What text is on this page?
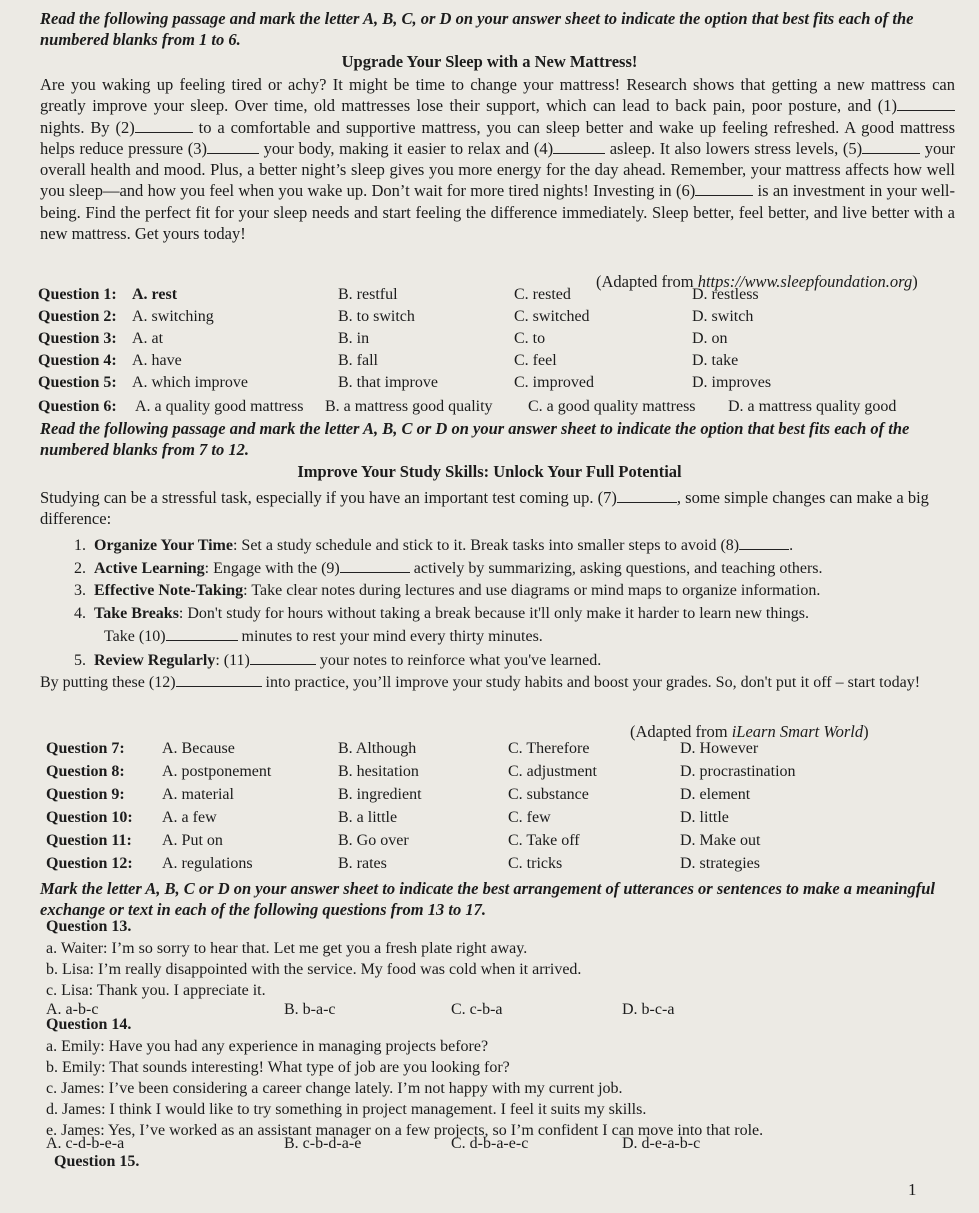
Read the following passage and mark the letter A, B, C, or D on your answer sheet to indicate the option that best fits each of the numbered blanks from 1 to 6.
Upgrade Your Sleep with a New Mattress!
Are you waking up feeling tired or achy? It might be time to change your mattress! Research shows that getting a new mattress can greatly improve your sleep. Over time, old mattresses lose their support, which can lead to back pain, poor posture, and (1) nights. By (2)	to a comfortable and supportive mattress, you can sleep better and wake up feeling refreshed. A good mattress helps reduce pressure (3)	your body, making it easier to relax and (4)	asleep. It also lowers stress levels, (5)	your overall health and mood. Plus, a better night’s sleep gives you more energy for the day ahead. Remember, your mattress affects how well you sleep—and how you feel when you wake up. Don’t wait for more tired nights! Investing in (6)	is an investment in your well-being. Find the perfect fit for your sleep needs and start feeling the difference immediately. Sleep better, feel better, and live better with a new mattress. Get yours today!
(Adapted from https://www.sleepfoundation.org)
Question 1: A. rest	B. restful	C. rested	D. restless
Question 2: A. switching	B. to switch	C. switched	D. switch
Question 3: A. at	B. in	C. to	D. on
Question 4: A. have	B. fall	C. feel	D. take
Question 5: A. which improve	B. that improve	C. improved	D. improves
Question 6: A. a quality good mattress B. a mattress good quality C. a good quality mattress D. a mattress quality good
Read the following passage and mark the letter A, B, C or D on your answer sheet to indicate the option that best fits each of the numbered blanks from 7 to 12.
Improve Your Study Skills: Unlock Your Full Potential
Studying can be a stressful task, especially if you have an important test coming up. (7)	, some simple changes can make a big difference:
1. Organize Your Time: Set a study schedule and stick to it. Break tasks into smaller steps to avoid (8)	.
2. Active Learning: Engage with the (9)	actively by summarizing, asking questions, and teaching others.
3. Effective Note-Taking: Take clear notes during lectures and use diagrams or mind maps to organize information.
4. Take Breaks: Don't study for hours without taking a break because it'll only make it harder to learn new things.
Take (10)	minutes to rest your mind every thirty minutes.
5. Review Regularly: (11)	your notes to reinforce what you've learned.
By putting these (12)	into practice, you’ll improve your study habits and boost your grades. So, don't put it off – start today!
(Adapted from iLearn Smart World)
Question 7: A. Because	B. Although	C. Therefore	D. However
Question 8: A. postponement	B. hesitation	C. adjustment	D. procrastination
Question 9: A. material	B. ingredient	C. substance	D. element
Question 10: A. a few	B. a little	C. few	D. little
Question 11: A. Put on	B. Go over	C. Take off	D. Make out
Question 12: A. regulations	B. rates	C. tricks	D. strategies
Mark the letter A, B, C or D on your answer sheet to indicate the best arrangement of utterances or sentences to make a meaningful exchange or text in each of the following questions from 13 to 17.
Question 13.
a. Waiter: I’m so sorry to hear that. Let me get you a fresh plate right away.
b. Lisa: I’m really disappointed with the service. My food was cold when it arrived.
c. Lisa: Thank you. I appreciate it.
A. a-b-c	B. b-a-c	C. c-b-a	D. b-c-a
Question 14.
a. Emily: Have you had any experience in managing projects before?
b. Emily: That sounds interesting! What type of job are you looking for?
c. James: I’ve been considering a career change lately. I’m not happy with my current job.
d. James: I think I would like to try something in project management. I feel it suits my skills.
e. James: Yes, I’ve worked as an assistant manager on a few projects, so I’m confident I can move into that role.
A. c-d-b-e-a	B. c-b-d-a-e	C. d-b-a-e-c	D. d-e-a-b-c
Question 15.
1
